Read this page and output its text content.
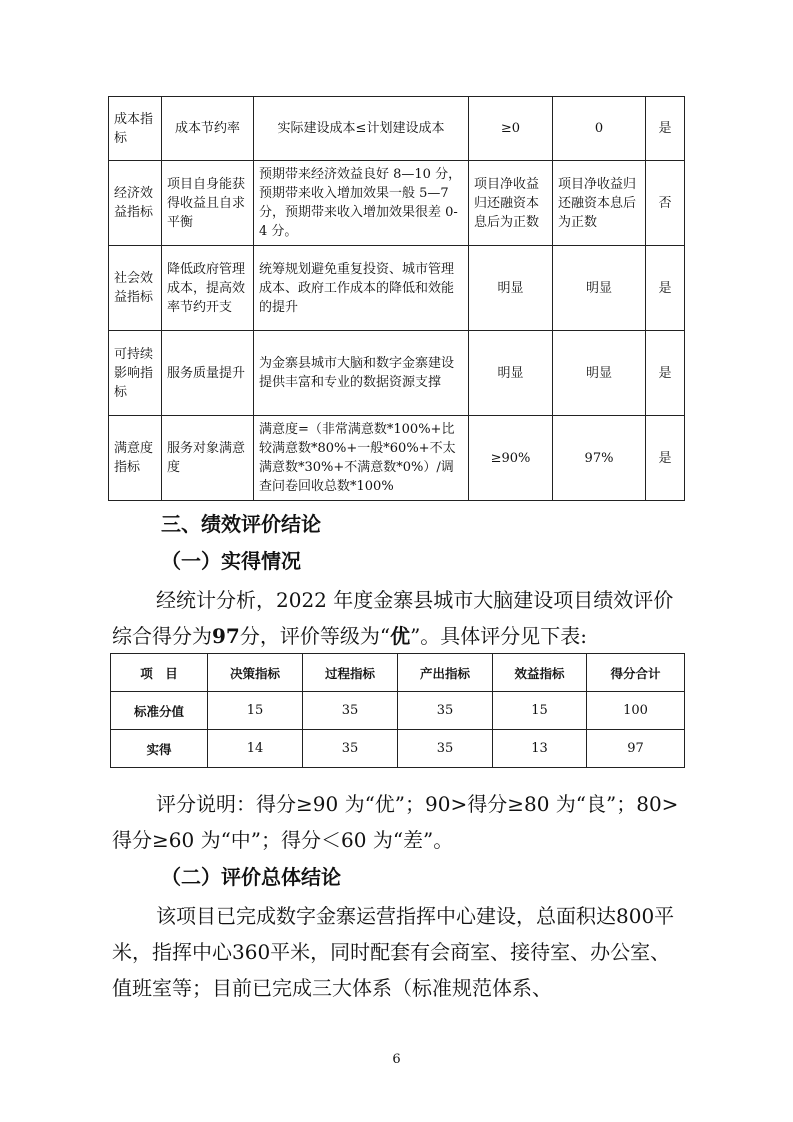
成本指标	成本节约率	实际建设成本≤计划建设成本	≥0	0	是
经济效益指标	项目自身能获得收益且自求平衡	预期带来经济效益良好 8—10 分，预期带来收入增加效果一般 5—7 分，预期带来收入增加效果很差 0-4 分。	项目净收益归还融资本息后为正数	项目净收益归还融资本息后为正数	否
社会效益指标	降低政府管理成本，提高效率节约开支	统筹规划避免重复投资、城市管理成本、政府工作成本的降低和效能的提升	明显	明显	是
可持续影响指标	服务质量提升	为金寨县城市大脑和数字金寨建设提供丰富和专业的数据资源支撑	明显	明显	是
满意度指标	服务对象满意度	满意度=（非常满意数*100%+比较满意数*80%+一般*60%+不太满意数*30%+不满意数*0%）/调查问卷回收总数*100%	≥90%	97%	是
三、绩效评价结论
（一）实得情况
经统计分析，2022 年度金寨县城市大脑建设项目绩效评价综合得分为97分，评价等级为“优”。具体评分见下表:
项　目	决策指标	过程指标	产出指标	效益指标	得分合计
标准分值	15	35	35	15	100
实得	14	35	35	13	97
评分说明：得分≥90 为“优”；90>得分≥80 为“良”；80>得分≥60 为“中”；得分＜60 为“差”。
（二）评价总体结论
该项目已完成数字金寨运营指挥中心建设，总面积达800平米，指挥中心360平米，同时配套有会商室、接待室、办公室、值班室等；目前已完成三大体系（标准规范体系、
6
